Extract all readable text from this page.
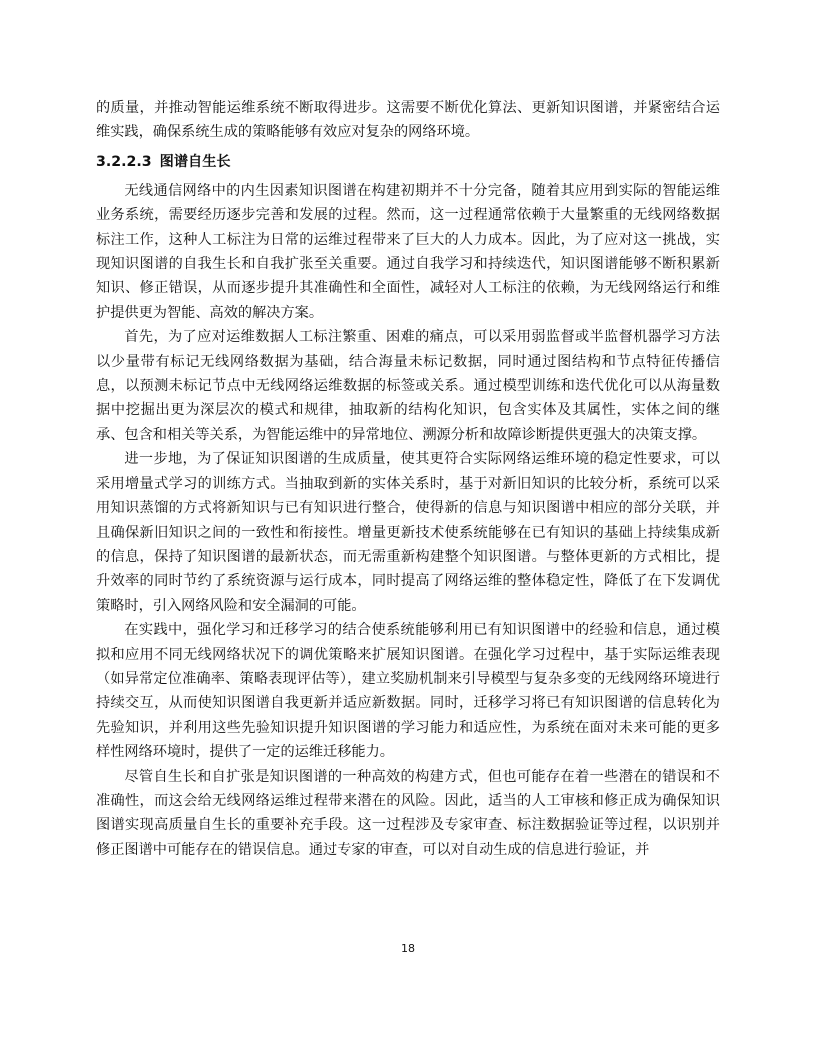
的质量，并推动智能运维系统不断取得进步。这需要不断优化算法、更新知识图谱，并紧密结合运维实践，确保系统生成的策略能够有效应对复杂的网络环境。

3.2.2.3 图谱自生长

无线通信网络中的内生因素知识图谱在构建初期并不十分完备，随着其应用到实际的智能运维业务系统，需要经历逐步完善和发展的过程。然而，这一过程通常依赖于大量繁重的无线网络数据标注工作，这种人工标注为日常的运维过程带来了巨大的人力成本。因此，为了应对这一挑战，实现知识图谱的自我生长和自我扩张至关重要。通过自我学习和持续迭代，知识图谱能够不断积累新知识、修正错误，从而逐步提升其准确性和全面性，减轻对人工标注的依赖，为无线网络运行和维护提供更为智能、高效的解决方案。

首先，为了应对运维数据人工标注繁重、困难的痛点，可以采用弱监督或半监督机器学习方法以少量带有标记无线网络数据为基础，结合海量未标记数据，同时通过图结构和节点特征传播信息，以预测未标记节点中无线网络运维数据的标签或关系。通过模型训练和迭代优化可以从海量数据中挖掘出更为深层次的模式和规律，抽取新的结构化知识，包含实体及其属性，实体之间的继承、包含和相关等关系，为智能运维中的异常地位、溯源分析和故障诊断提供更强大的决策支撑。

进一步地，为了保证知识图谱的生成质量，使其更符合实际网络运维环境的稳定性要求，可以采用增量式学习的训练方式。当抽取到新的实体关系时，基于对新旧知识的比较分析，系统可以采用知识蒸馏的方式将新知识与已有知识进行整合，使得新的信息与知识图谱中相应的部分关联，并且确保新旧知识之间的一致性和衔接性。增量更新技术使系统能够在已有知识的基础上持续集成新的信息，保持了知识图谱的最新状态，而无需重新构建整个知识图谱。与整体更新的方式相比，提升效率的同时节约了系统资源与运行成本，同时提高了网络运维的整体稳定性，降低了在下发调优策略时，引入网络风险和安全漏洞的可能。

在实践中，强化学习和迁移学习的结合使系统能够利用已有知识图谱中的经验和信息，通过模拟和应用不同无线网络状况下的调优策略来扩展知识图谱。在强化学习过程中，基于实际运维表现（如异常定位准确率、策略表现评估等），建立奖励机制来引导模型与复杂多变的无线网络环境进行持续交互，从而使知识图谱自我更新并适应新数据。同时，迁移学习将已有知识图谱的信息转化为先验知识，并利用这些先验知识提升知识图谱的学习能力和适应性，为系统在面对未来可能的更多样性网络环境时，提供了一定的运维迁移能力。

尽管自生长和自扩张是知识图谱的一种高效的构建方式，但也可能存在着一些潜在的错误和不准确性，而这会给无线网络运维过程带来潜在的风险。因此，适当的人工审核和修正成为确保知识图谱实现高质量自生长的重要补充手段。这一过程涉及专家审查、标注数据验证等过程，以识别并修正图谱中可能存在的错误信息。通过专家的审查，可以对自动生成的信息进行验证，并

18
